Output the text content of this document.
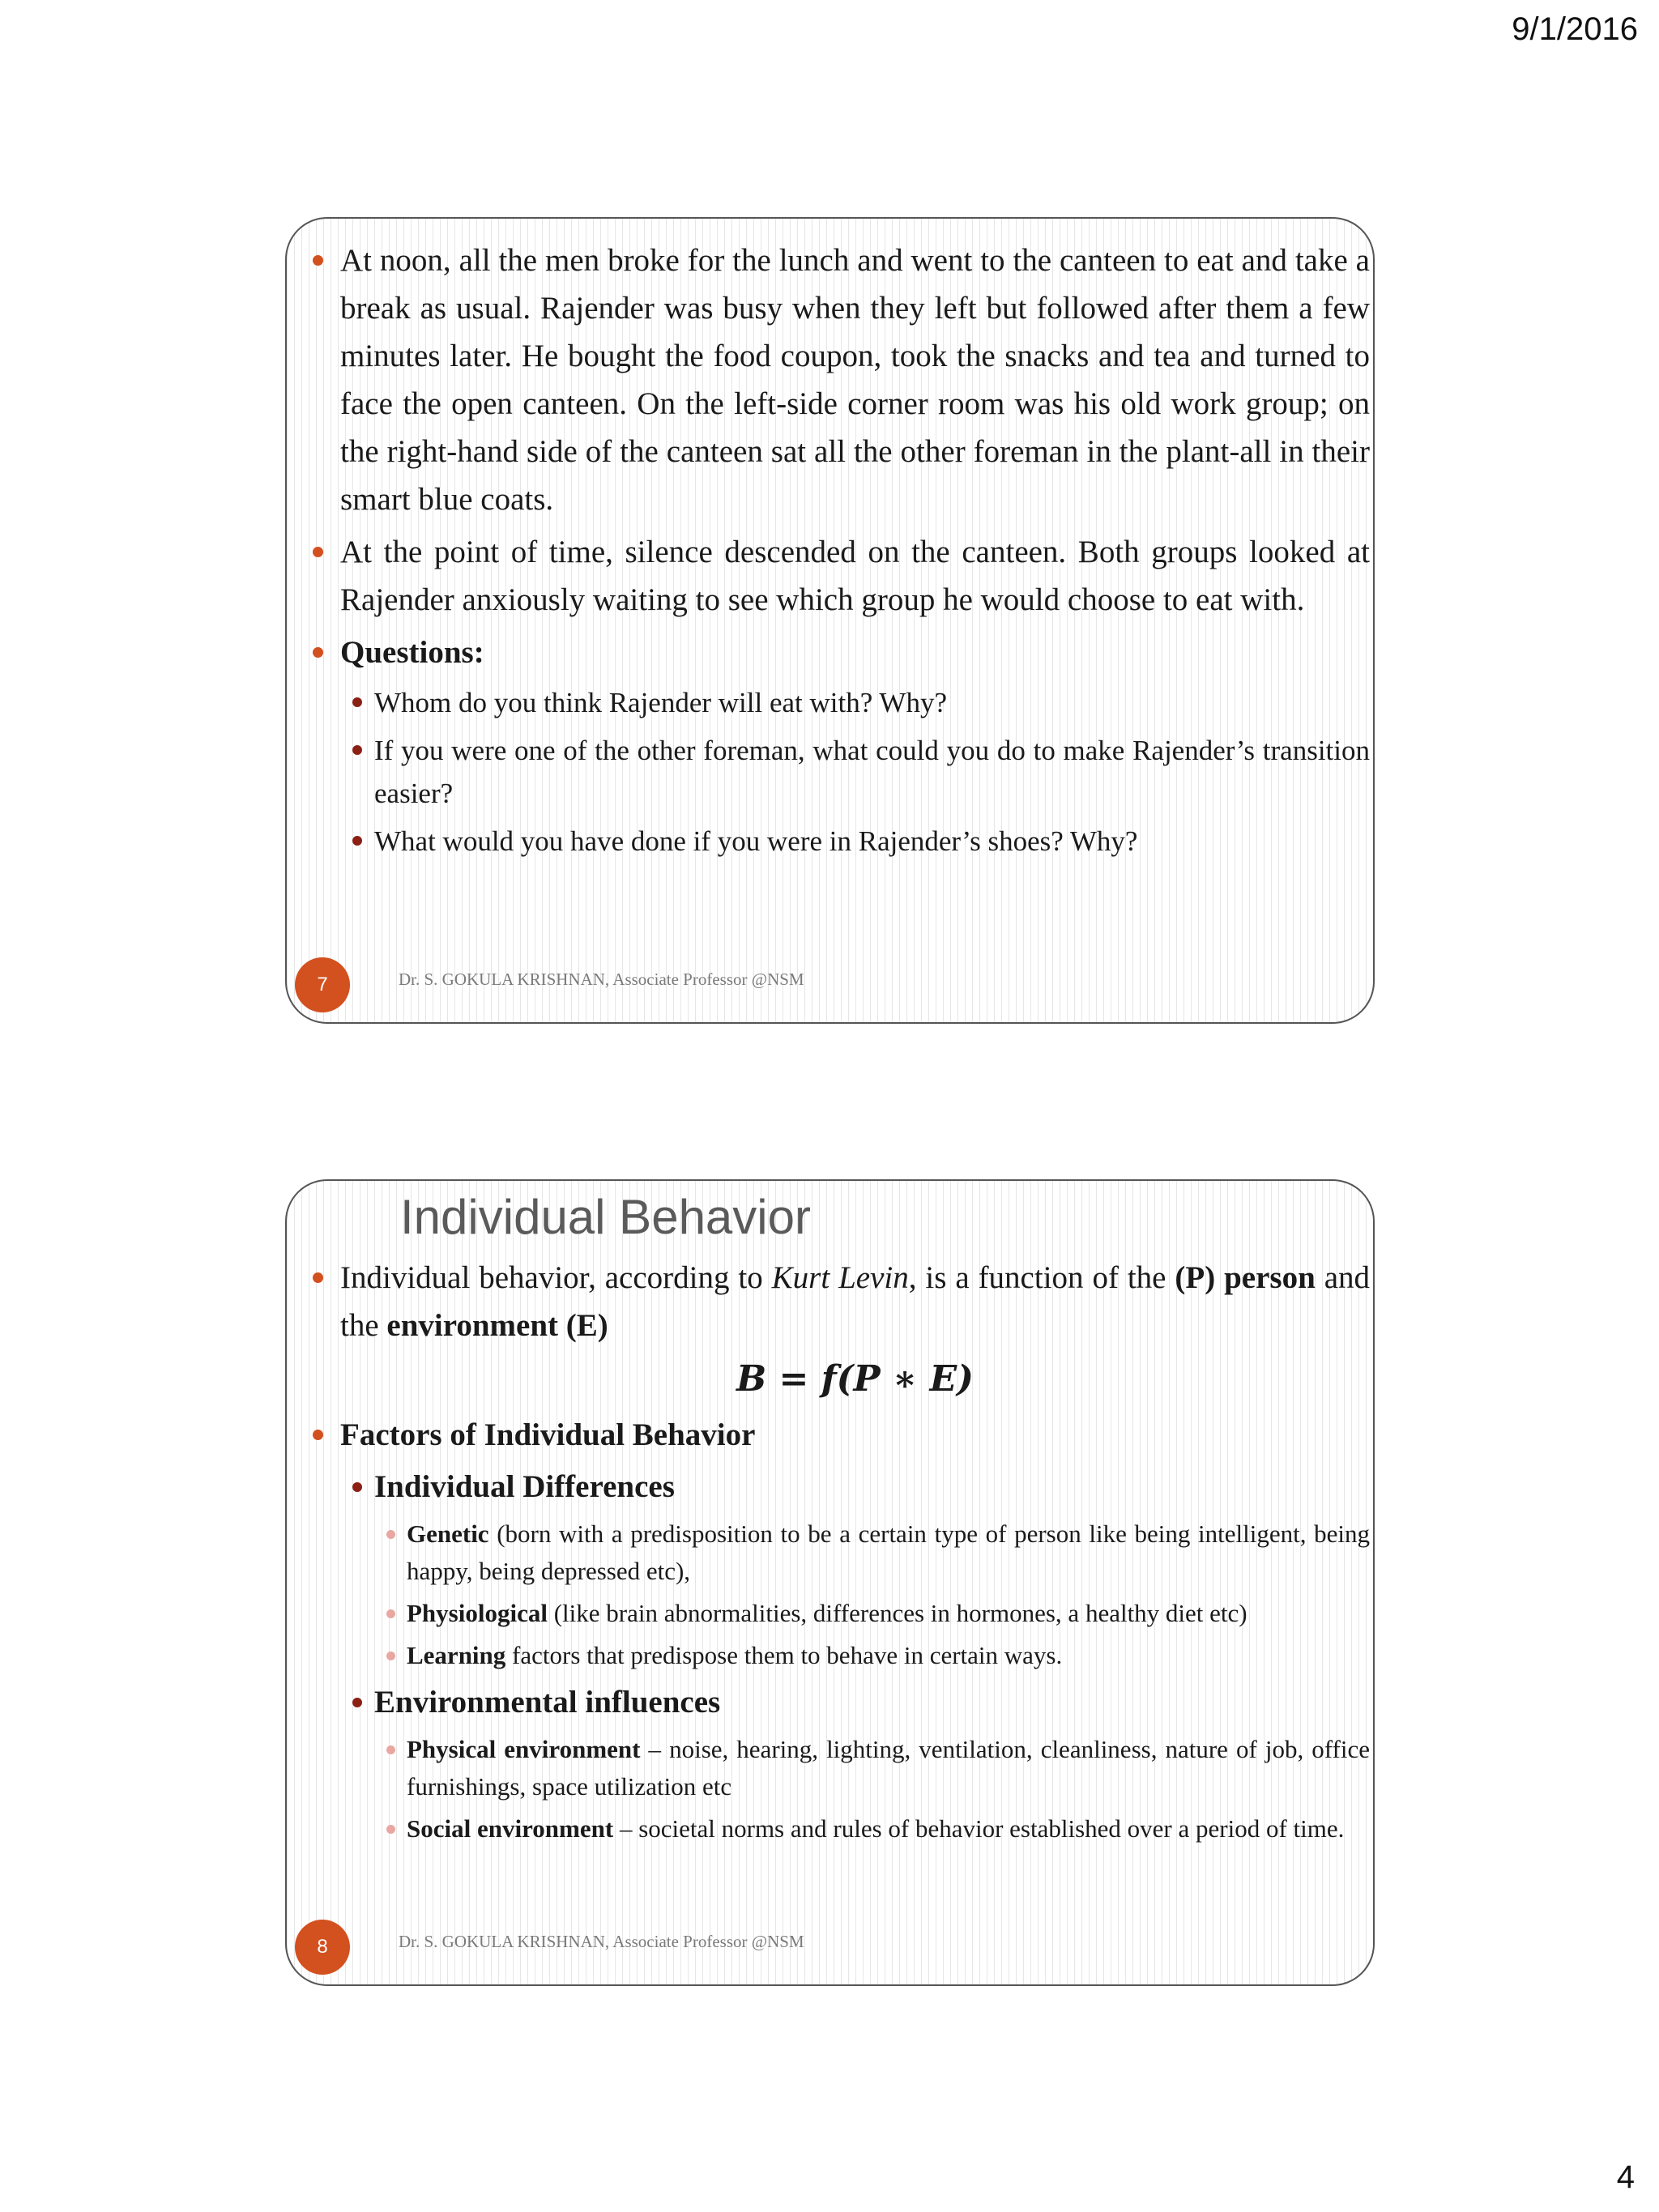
9/1/2016

At noon, all the men broke for the lunch and went to the canteen to eat and take a break as usual. Rajender was busy when they left but followed after them a few minutes later. He bought the food coupon, took the snacks and tea and turned to face the open canteen. On the left-side corner room was his old work group; on the right-hand side of the canteen sat all the other foreman in the plant-all in their smart blue coats.

At the point of time, silence descended on the canteen. Both groups looked at Rajender anxiously waiting to see which group he would choose to eat with.

Questions:

Whom do you think Rajender will eat with? Why?

If you were one of the other foreman, what could you do to make Rajender’s transition easier?

What would you have done if you were in Rajender’s shoes? Why?

7	Dr. S. GOKULA KRISHNAN, Associate Professor @NSM
Individual Behavior

Individual behavior, according to Kurt Levin, is a function of the (P) person and the environment (E)

B = f(P ∗ E)

Factors of Individual Behavior

Individual Differences

Genetic (born with a predisposition to be a certain type of person like being intelligent, being happy, being depressed etc),

Physiological (like brain abnormalities, differences in hormones, a healthy diet etc)

Learning factors that predispose them to behave in certain ways.

Environmental influences

Physical environment – noise, hearing, lighting, ventilation, cleanliness, nature of job, office furnishings, space utilization etc

Social environment – societal norms and rules of behavior established over a period of time.

8	Dr. S. GOKULA KRISHNAN, Associate Professor @NSM
4
